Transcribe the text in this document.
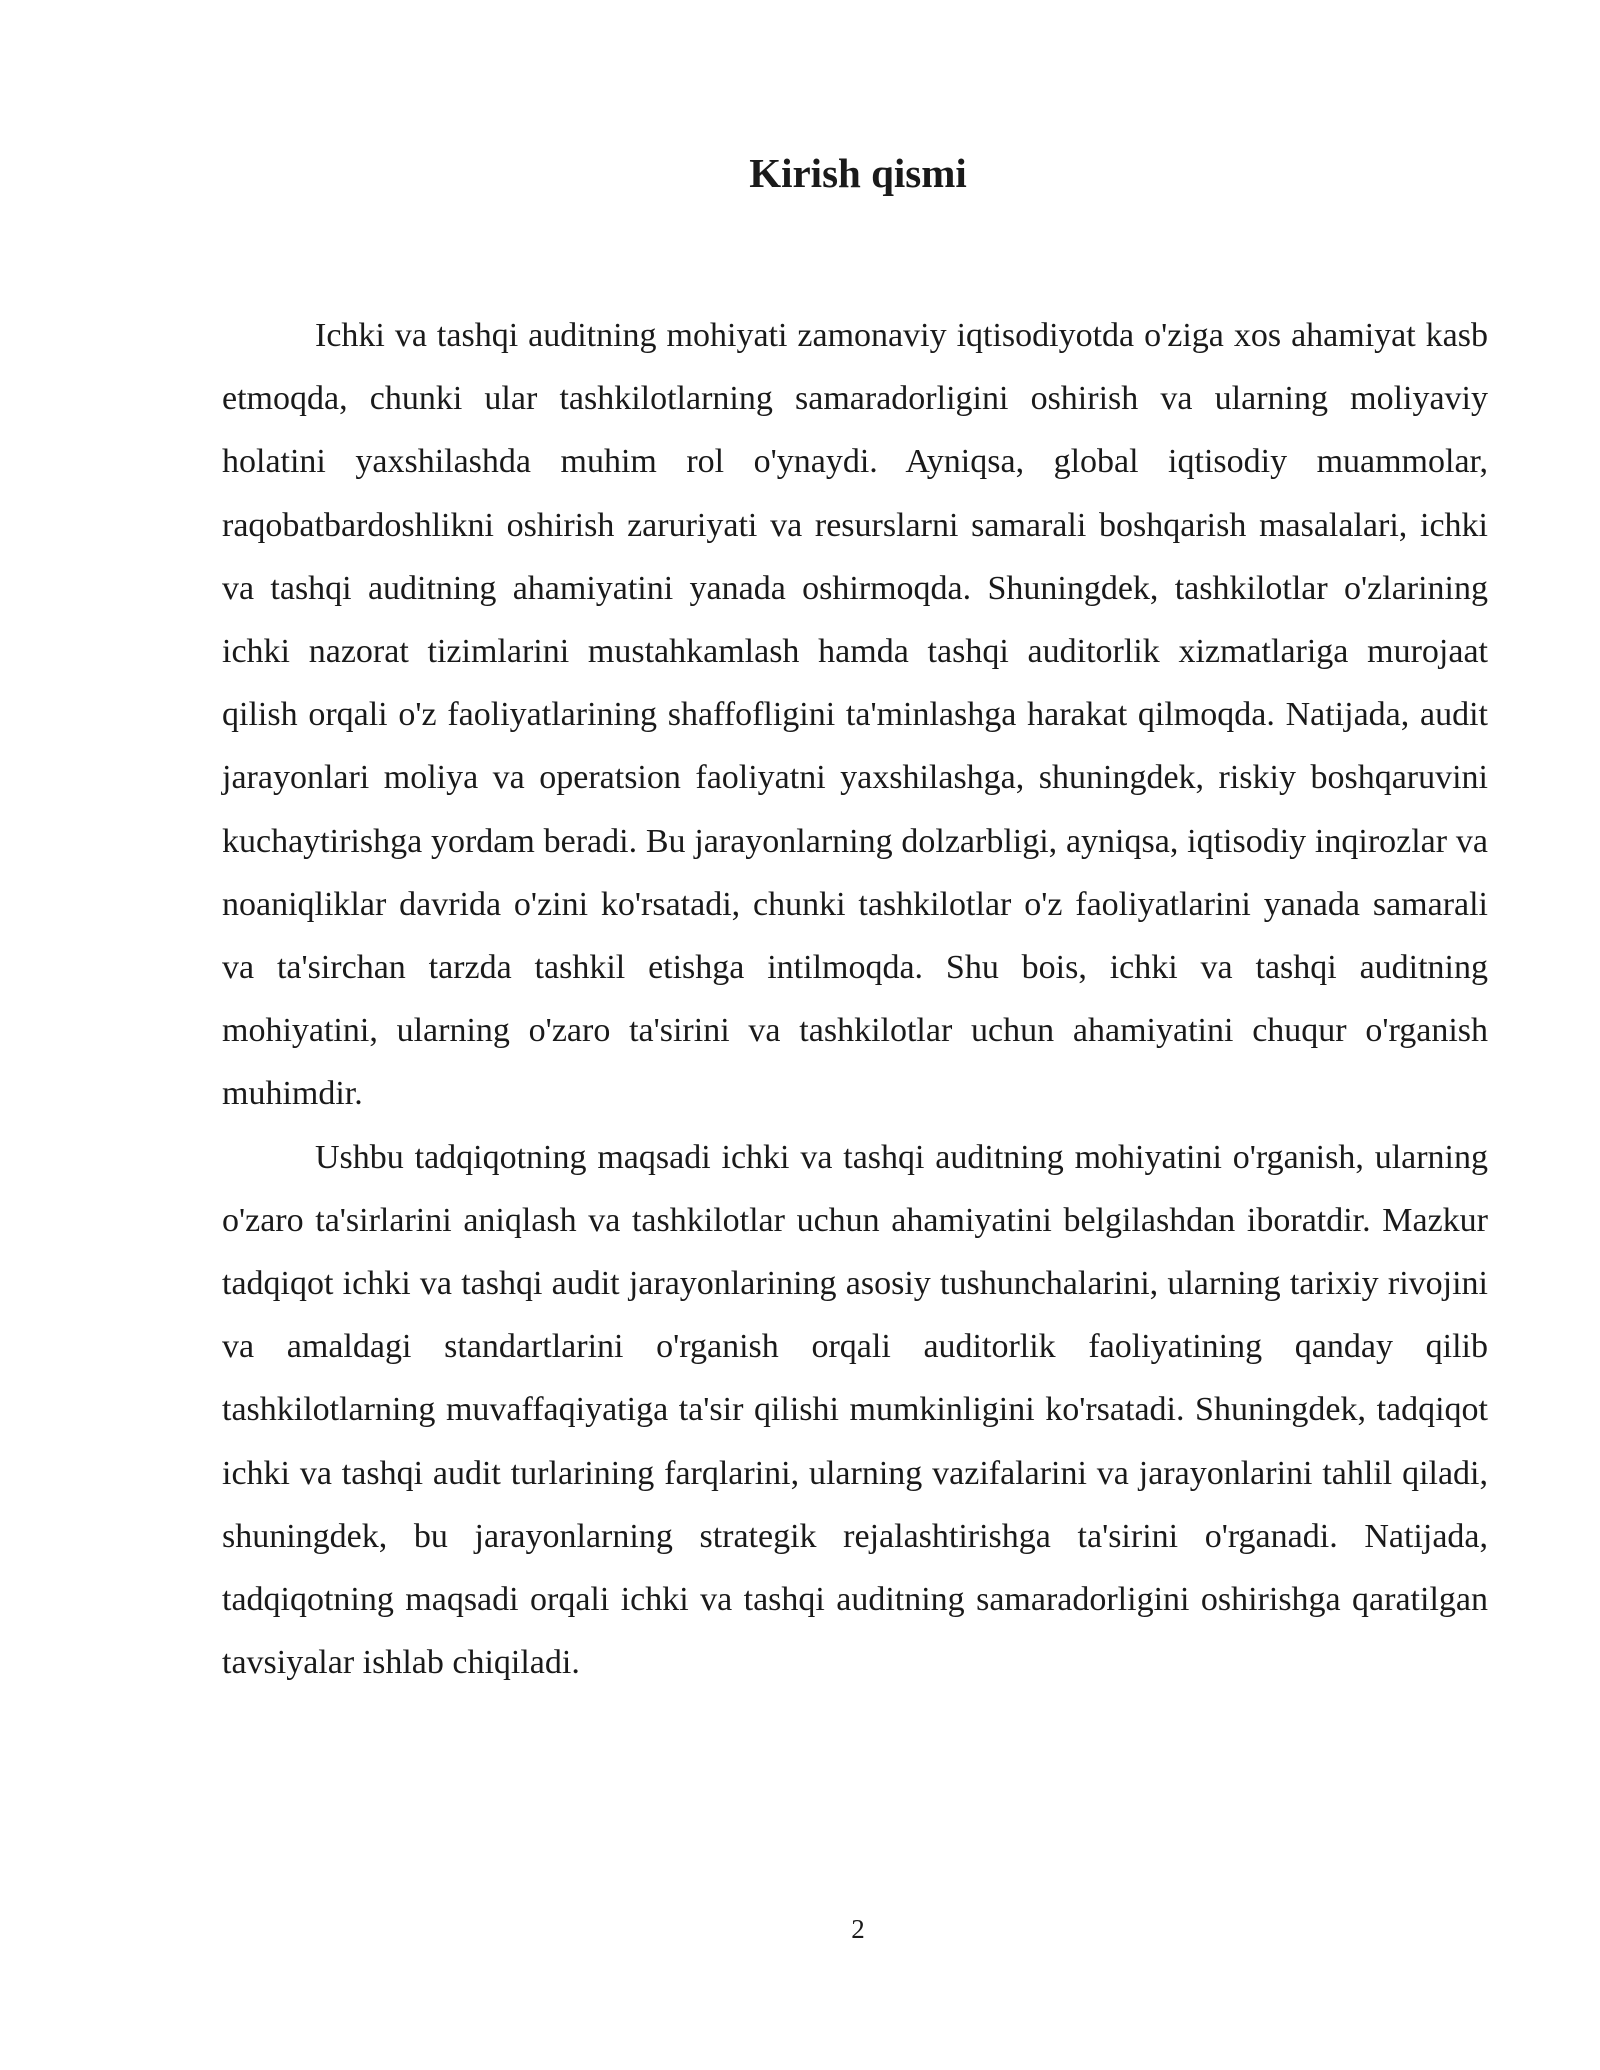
Kirish qismi

Ichki va tashqi auditning mohiyati zamonaviy iqtisodiyotda o'ziga xos ahamiyat kasb etmoqda, chunki ular tashkilotlarning samaradorligini oshirish va ularning moliyaviy holatini yaxshilashda muhim rol o'ynaydi. Ayniqsa, global iqtisodiy muammolar, raqobatbardoshlikni oshirish zaruriyati va resurslarni samarali boshqarish masalalari, ichki va tashqi auditning ahamiyatini yanada oshirmoqda. Shuningdek, tashkilotlar o'zlarining ichki nazorat tizimlarini mustahkamlash hamda tashqi auditorlik xizmatlariga murojaat qilish orqali o'z faoliyatlarining shaffofligini ta'minlashga harakat qilmoqda. Natijada, audit jarayonlari moliya va operatsion faoliyatni yaxshilashga, shuningdek, riskiy boshqaruvini kuchaytirishga yordam beradi. Bu jarayonlarning dolzarbligi, ayniqsa, iqtisodiy inqirozlar va noaniqliklar davrida o'zini ko'rsatadi, chunki tashkilotlar o'z faoliyatlarini yanada samarali va ta'sirchan tarzda tashkil etishga intilmoqda. Shu bois, ichki va tashqi auditning mohiyatini, ularning o'zaro ta'sirini va tashkilotlar uchun ahamiyatini chuqur o'rganish muhimdir.

Ushbu tadqiqotning maqsadi ichki va tashqi auditning mohiyatini o'rganish, ularning o'zaro ta'sirlarini aniqlash va tashkilotlar uchun ahamiyatini belgilashdan iboratdir. Mazkur tadqiqot ichki va tashqi audit jarayonlarining asosiy tushunchalarini, ularning tarixiy rivojini va amaldagi standartlarini o'rganish orqali auditorlik faoliyatining qanday qilib tashkilotlarning muvaffaqiyatiga ta'sir qilishi mumkinligini ko'rsatadi. Shuningdek, tadqiqot ichki va tashqi audit turlarining farqlarini, ularning vazifalarini va jarayonlarini tahlil qiladi, shuningdek, bu jarayonlarning strategik rejalashtirishga ta'sirini o'rganadi. Natijada, tadqiqotning maqsadi orqali ichki va tashqi auditning samaradorligini oshirishga qaratilgan tavsiyalar ishlab chiqiladi.

2
